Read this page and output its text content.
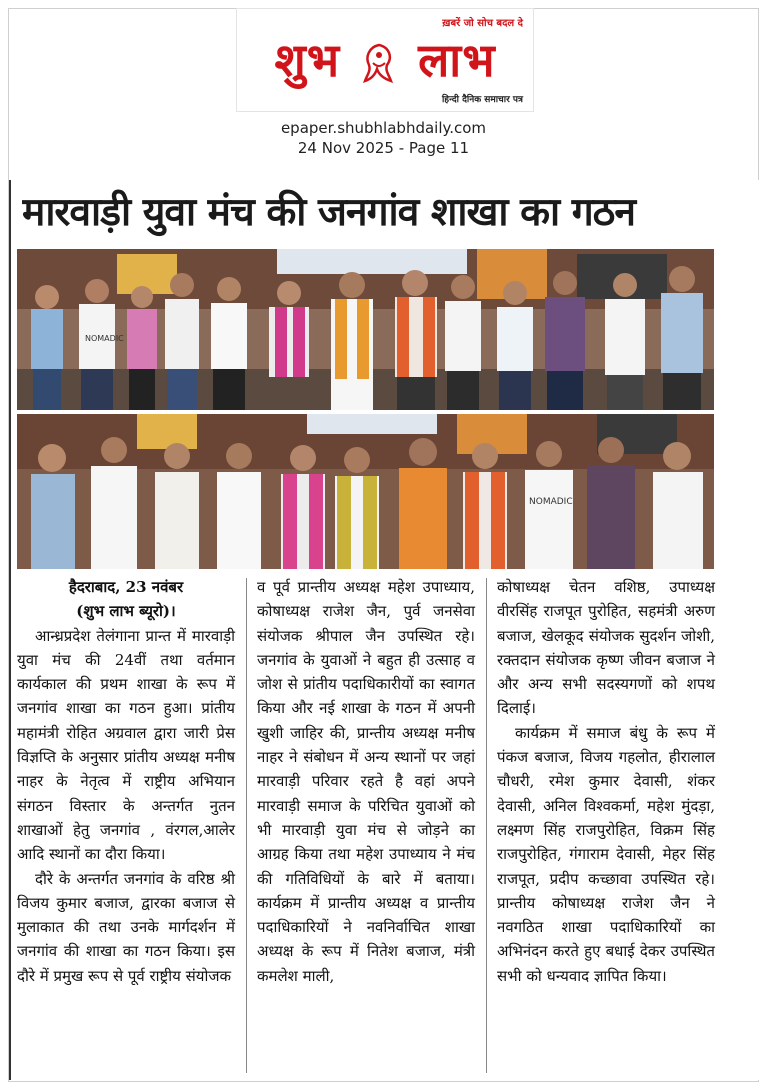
ख़बरें जो सोच बदल दे
शुभ लाभ
हिन्दी दैनिक समाचार पत्र
epaper.shubhlabhdaily.com
24 Nov 2025 - Page 11
मारवाड़ी युवा मंच की जनगांव शाखा का गठन
NOMADIC
NOMADIC
हैदराबाद, 23 नवंबर
(शुभ लाभ ब्यूरो)।

आन्ध्रप्रदेश तेलंगाना प्रान्त में मारवाड़ी युवा मंच की 24वीं तथा वर्तमान कार्यकाल की प्रथम शाखा के रूप में जनगांव शाखा का गठन हुआ। प्रांतीय महामंत्री रोहित अग्रवाल द्वारा जारी प्रेस विज्ञप्ति के अनुसार प्रांतीय अध्यक्ष मनीष नाहर के नेतृत्व में राष्ट्रीय अभियान संगठन विस्तार के अन्तर्गत नुतन शाखाओं हेतु जनगांव , वंरगल,आलेर आदि स्थानों का दौरा किया।

दौरे के अन्तर्गत जनगांव के वरिष्ठ श्री विजय कुमार बजाज, द्वारका बजाज से मुलाकात की तथा उनके मार्गदर्शन में जनगांव की शाखा का गठन किया। इस दौरे में प्रमुख रूप से पूर्व राष्ट्रीय संयोजक

व पूर्व प्रान्तीय अध्यक्ष महेश उपाध्याय, कोषाध्यक्ष राजेश जैन, पुर्व जनसेवा संयोजक श्रीपाल जैन उपस्थित रहे। जनगांव के युवाओं ने बहुत ही उत्साह व जोश से प्रांतीय पदाधिकारीयों का स्वागत किया और नई शाखा के गठन में अपनी खुशी जाहिर की, प्रान्तीय अध्यक्ष मनीष नाहर ने संबोधन में अन्य स्थानों पर जहां मारवाड़ी परिवार रहते है वहां अपने मारवाड़ी समाज के परिचित युवाओं को भी मारवाड़ी युवा मंच से जोड़ने का आग्रह किया तथा महेश उपाध्याय ने मंच की गतिविधियों के बारे में बताया। कार्यक्रम में प्रान्तीय अध्यक्ष व प्रान्तीय पदाधिकारियों ने नवनिर्वाचित शाखा अध्यक्ष के रूप में नितेश बजाज, मंत्री कमलेश माली,

कोषाध्यक्ष चेतन वशिष्ठ, उपाध्यक्ष वीरसिंह राजपूत पुरोहित, सहमंत्री अरुण बजाज, खेलकूद संयोजक सुदर्शन जोशी, रक्तदान संयोजक कृष्ण जीवन बजाज ने और अन्य सभी सदस्यगणों को शपथ दिलाई।

कार्यक्रम में समाज बंधु के रूप में पंकज बजाज, विजय गहलोत, हीरालाल चौधरी, रमेश कुमार देवासी, शंकर देवासी, अनिल विश्वकर्मा, महेश मुंदड़ा, लक्ष्मण सिंह राजपुरोहित, विक्रम सिंह राजपुरोहित, गंगाराम देवासी, मेहर सिंह राजपूत, प्रदीप कच्छावा उपस्थित रहे। प्रान्तीय कोषाध्यक्ष राजेश जैन ने नवगठित शाखा पदाधिकारियों का अभिनंदन करते हुए बधाई देकर उपस्थित सभी को धन्यवाद ज्ञापित किया।
